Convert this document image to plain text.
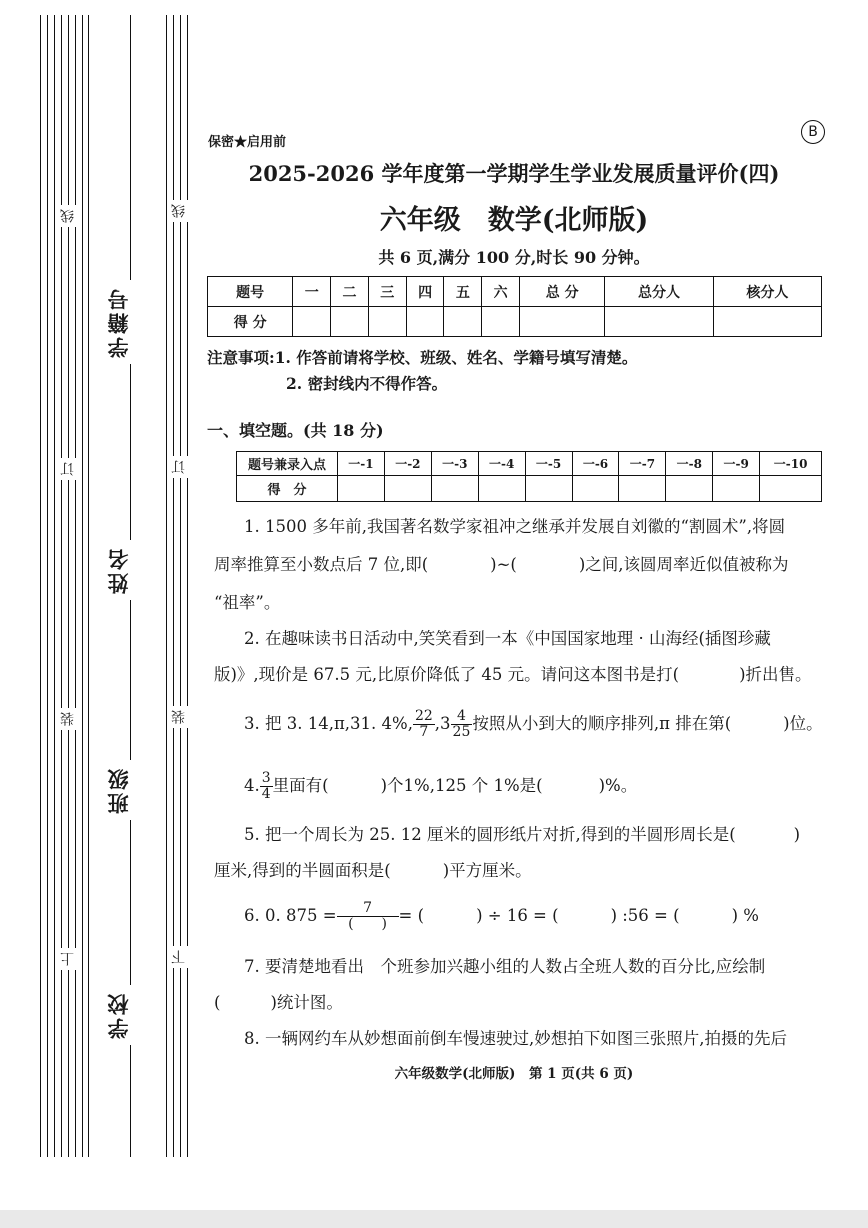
学籍号
姓名
班级
学校
线
订
装
上
线
订
装
下
保密★启用前
B
2025-2026 学年度第一学期学生学业发展质量评价(四)
六年级　数学(北师版)
共 6 页,满分 100 分,时长 90 分钟。
题号	一	二	三	四	五	六	总 分	总分人	核分人
得 分									
注意事项:1. 作答前请将学校、班级、姓名、学籍号填写清楚。
2. 密封线内不得作答。
一、填空题。(共 18 分)
题号兼录入点	一-1	一-2	一-3	一-4	一-5	一-6	一-7	一-8	一-9	一-10
得　分										
1. 1500 多年前,我国著名数学家祖冲之继承并发展自刘徽的“割圆术”,将圆
周率推算至小数点后 7 位,即(	)~(	)之间,该圆周率近似值被称为
“祖率”。
2. 在趣味读书日活动中,笑笑看到一本《中国国家地理 · 山海经(插图珍藏
版)》,现价是 67.5 元,比原价降低了 45 元。请问这本图书是打(	)折出售。
3. 把 3. 14,π,31. 4%, $\frac{22}{7} ,3 \frac{4}{25}$ 按照从小到大的顺序排列,π 排在第(	)位。
4. $\frac{3}{4}$ 里面有(	)个1%,125 个 1%是(	)%。
5. 把一个周长为 25. 12 厘米的圆形纸片对折,得到的半圆形周长是(	)
厘米,得到的半圆面积是(	)平方厘米。
6. 0. $875 = \frac{7}{( )}$ = (	) ÷ 16 = (	) :56 = (	) %
7. 要清楚地看出　个班参加兴趣小组的人数占全班人数的百分比,应绘制
(	)统计图。
8. 一辆网约车从妙想面前倒车慢速驶过,妙想拍下如图三张照片,拍摄的先后
六年级数学(北师版)　第 1 页(共 6 页)
